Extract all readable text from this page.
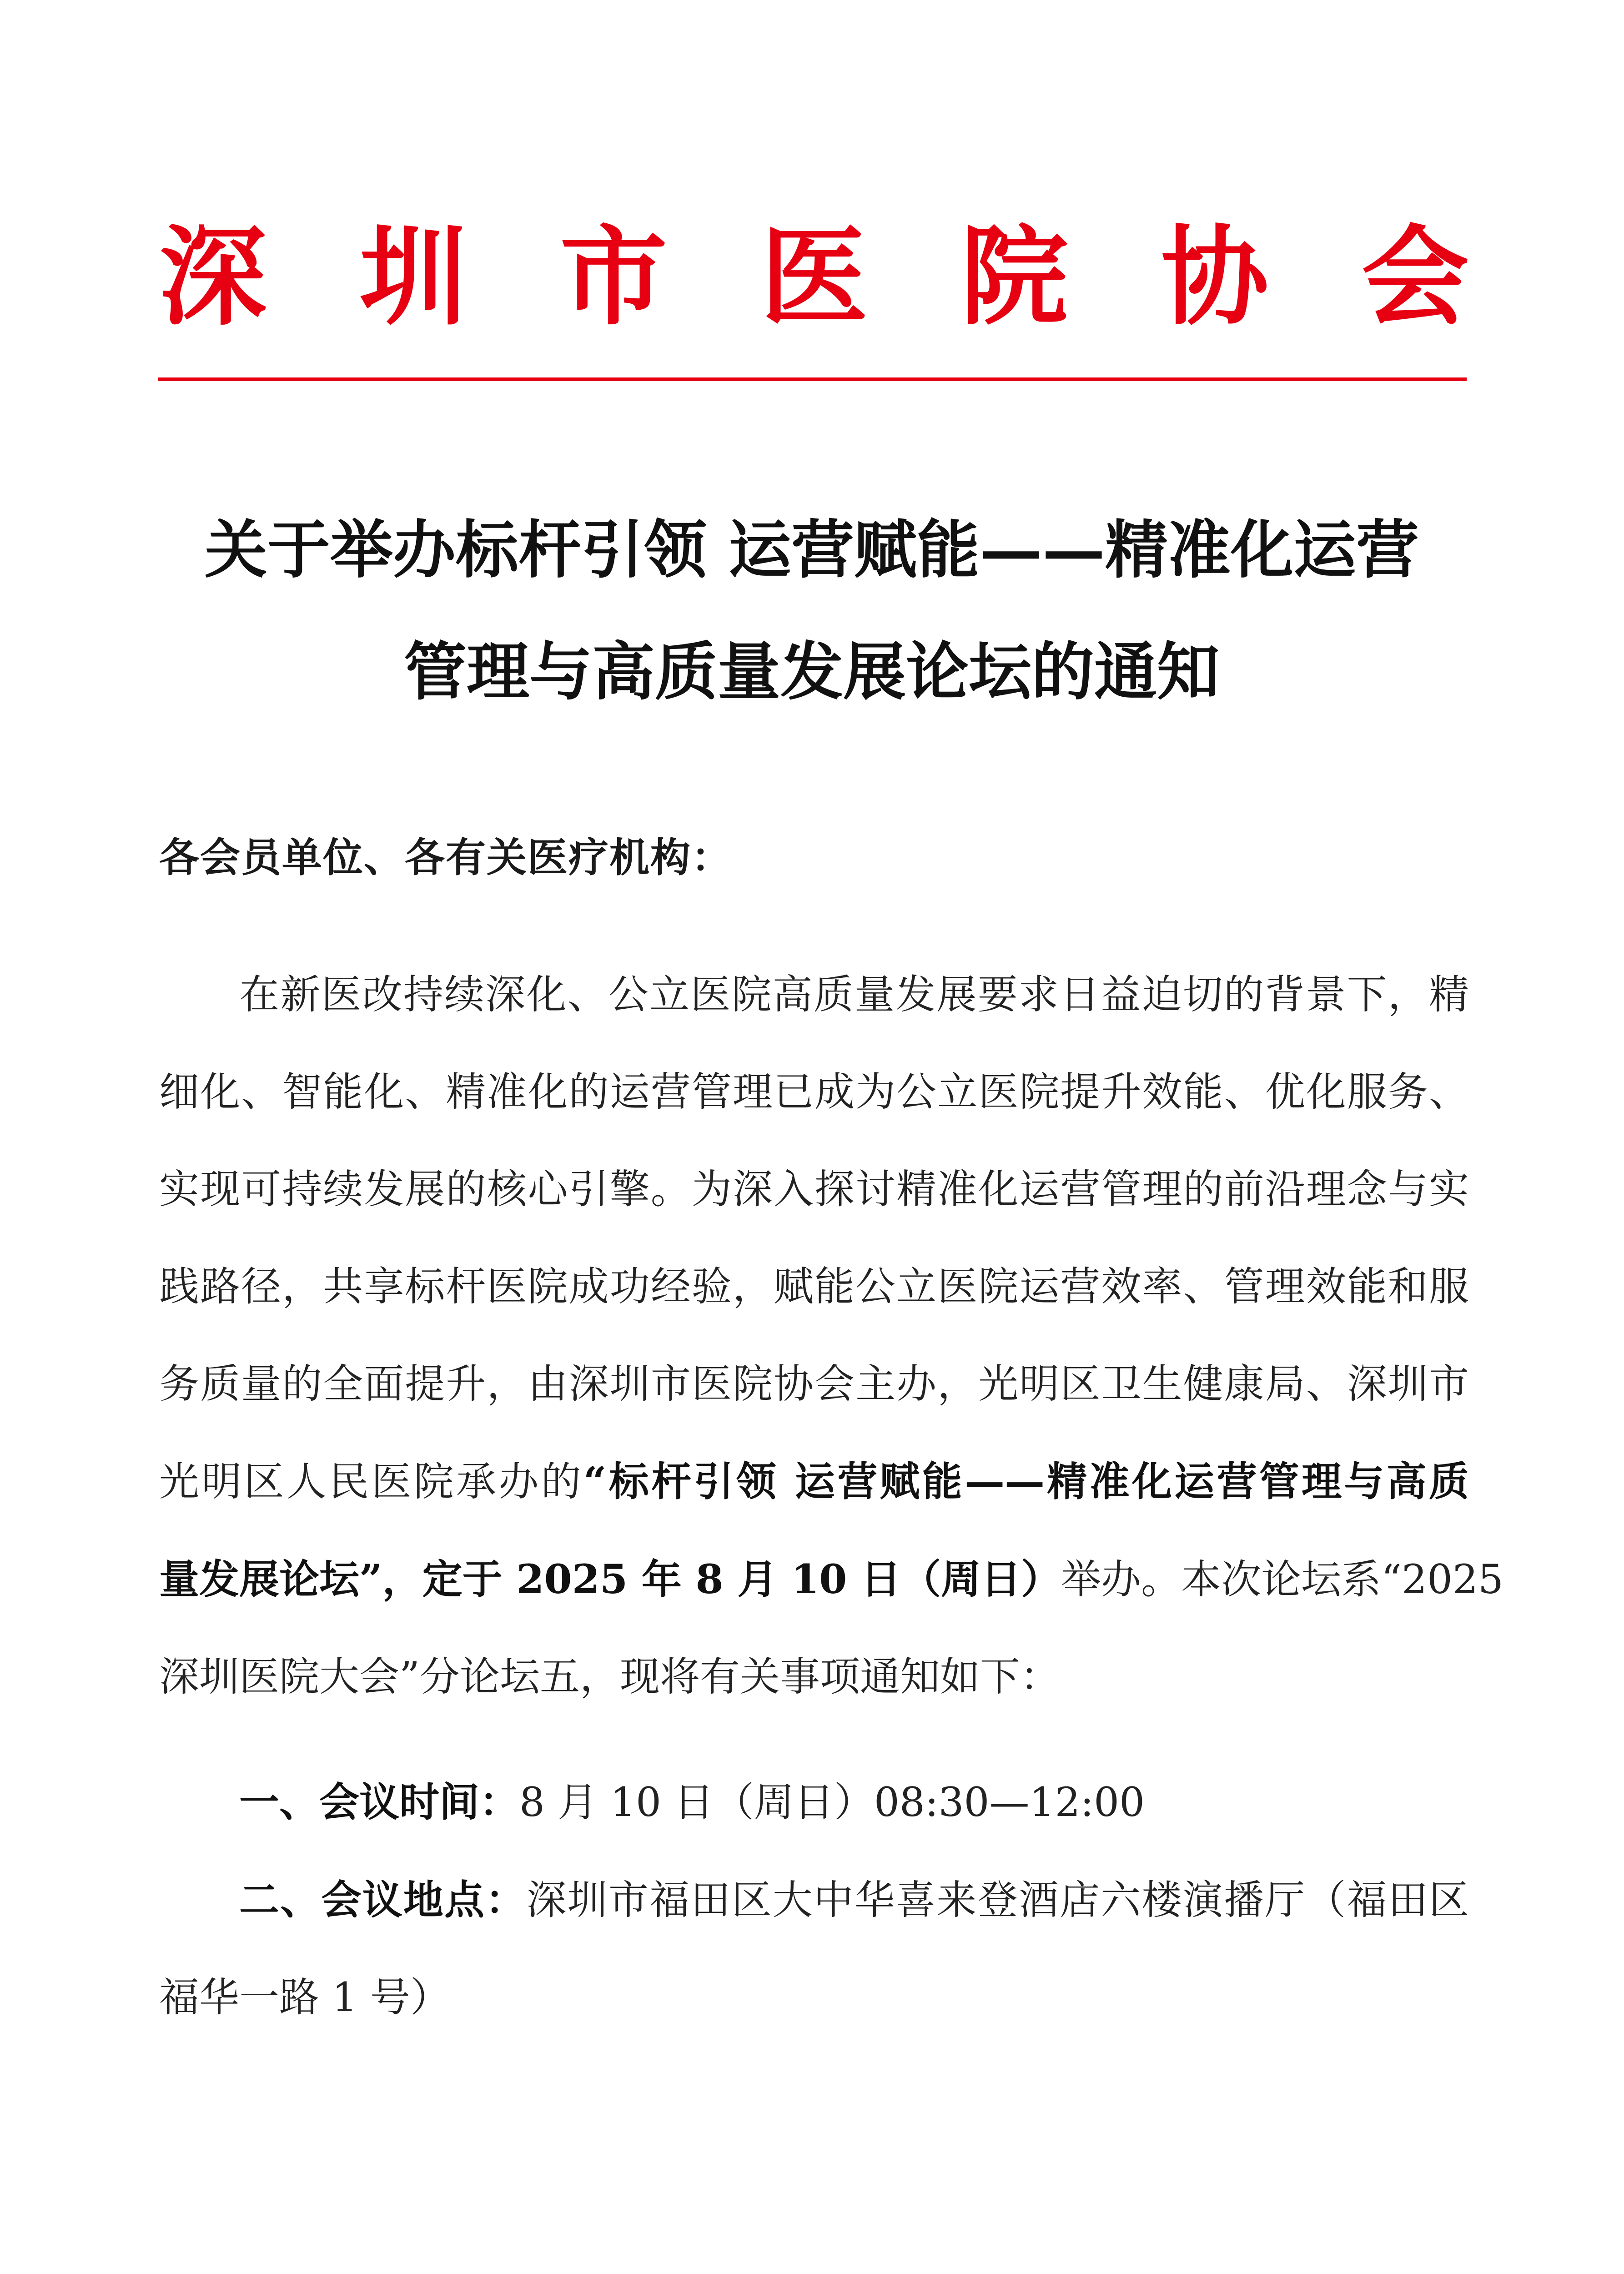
深 圳 市 医 院 协 会
关于举办标杆引领 运营赋能——精准化运营
管理与高质量发展论坛的通知
各会员单位、各有关医疗机构：
在新医改持续深化、公立医院高质量发展要求日益迫切的背景下，精
细化、智能化、精准化的运营管理已成为公立医院提升效能、优化服务、
实现可持续发展的核心引擎。为深入探讨精准化运营管理的前沿理念与实
践路径，共享标杆医院成功经验，赋能公立医院运营效率、管理效能和服
务质量的全面提升，由深圳市医院协会主办，光明区卫生健康局、深圳市
光明区人民医院承办的“标杆引领 运营赋能——精准化运营管理与高质
量发展论坛”，定于 2025 年 8 月 10 日（周日）举办。本次论坛系“2025
深圳医院大会”分论坛五，现将有关事项通知如下：
一、会议时间：8 月 10 日（周日）08:30—12:00
二、会议地点：深圳市福田区大中华喜来登酒店六楼演播厅（福田区
福华一路 1 号）
